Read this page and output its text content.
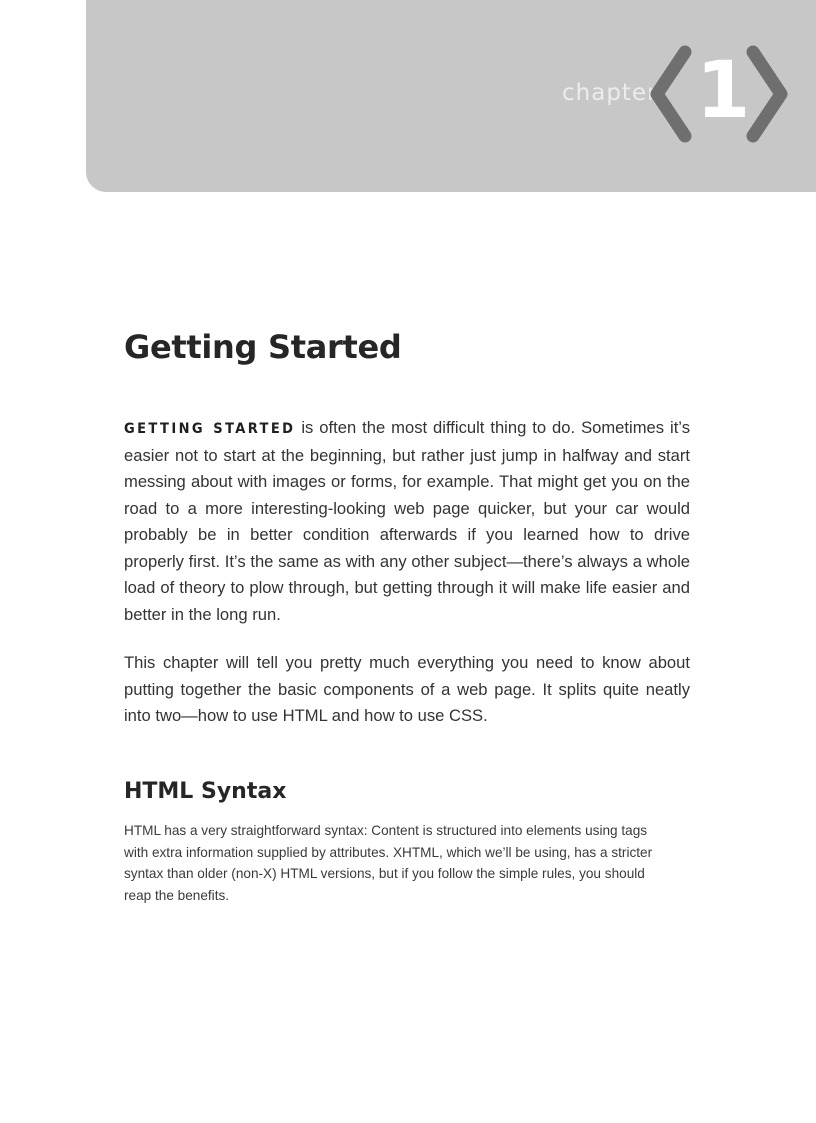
chapter 1
Getting Started

GETTING STARTED is often the most difficult thing to do. Sometimes it’s easier not to start at the beginning, but rather just jump in halfway and start messing about with images or forms, for example. That might get you on the road to a more interesting-looking web page quicker, but your car would probably be in better condition afterwards if you learned how to drive properly first. It’s the same as with any other subject—there’s always a whole load of theory to plow through, but getting through it will make life easier and better in the long run.

This chapter will tell you pretty much everything you need to know about putting together the basic components of a web page. It splits quite neatly into two—how to use HTML and how to use CSS.

HTML Syntax

HTML has a very straightforward syntax: Content is structured into elements using tags with extra information supplied by attributes. XHTML, which we’ll be using, has a stricter syntax than older (non-X) HTML versions, but if you follow the simple rules, you should reap the benefits.
